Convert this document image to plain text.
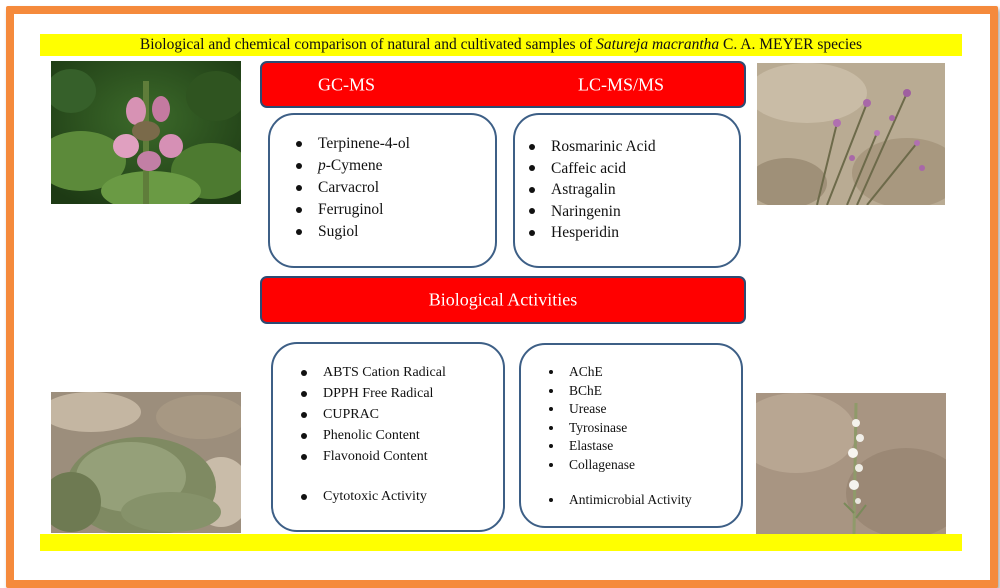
Biological and chemical comparison of natural and cultivated samples of Satureja macrantha C. A. MEYER species
GC-MS	LC-MS/MS
Terpinene-4-ol
p-Cymene
Carvacrol
Ferruginol
Sugiol
Rosmarinic Acid
Caffeic acid
Astragalin
Naringenin
Hesperidin
Biological Activities
ABTS Cation Radical
DPPH Free Radical
CUPRAC
Phenolic Content
Flavonoid Content
Cytotoxic Activity
AChE
BChE
Urease
Tyrosinase
Elastase
Collagenase
Antimicrobial Activity
